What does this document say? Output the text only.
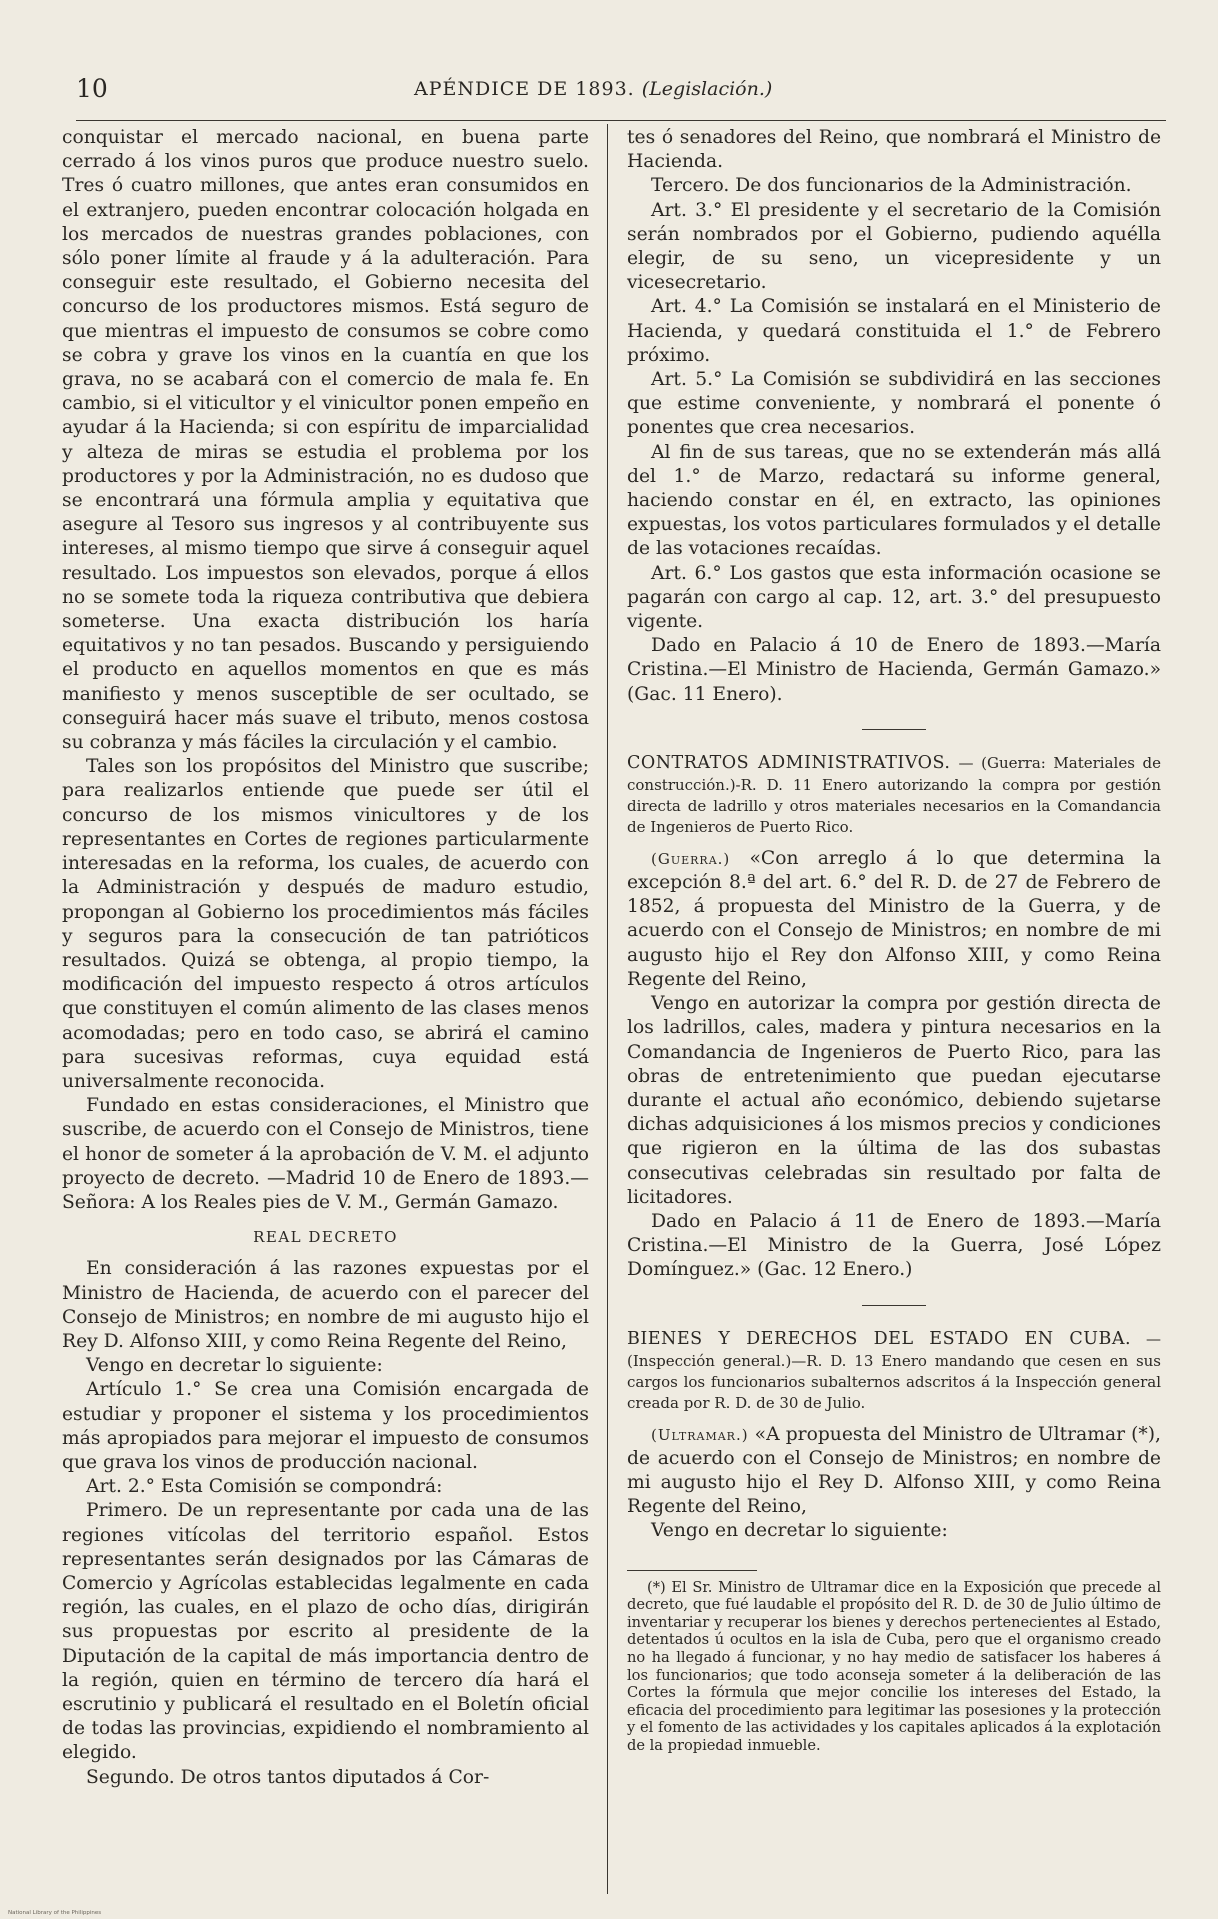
10	APÉNDICE DE 1893. (Legislación.)

conquistar el mercado nacional, en buena parte cerrado á los vinos puros que produce nuestro suelo. Tres ó cuatro millones, que antes eran consumidos en el extranjero, pueden encontrar colocación holgada en los mercados de nuestras grandes poblaciones, con sólo poner límite al fraude y á la adulteración. Para conseguir este resultado, el Gobierno necesita del concurso de los productores mismos. Está seguro de que mientras el impuesto de consumos se cobre como se cobra y grave los vinos en la cuantía en que los grava, no se acabará con el comercio de mala fe. En cambio, si el viticultor y el vinicultor ponen empeño en ayudar á la Hacienda; si con espíritu de imparcialidad y alteza de miras se estudia el problema por los productores y por la Administración, no es dudoso que se encontrará una fórmula amplia y equitativa que asegure al Tesoro sus ingresos y al contribuyente sus intereses, al mismo tiempo que sirve á conseguir aquel resultado. Los impuestos son elevados, porque á ellos no se somete toda la riqueza contributiva que debiera someterse. Una exacta distribución los haría equitativos y no tan pesados. Buscando y persiguiendo el producto en aquellos momentos en que es más manifiesto y menos susceptible de ser ocultado, se conseguirá hacer más suave el tributo, menos costosa su cobranza y más fáciles la circulación y el cambio.

Tales son los propósitos del Ministro que suscribe; para realizarlos entiende que puede ser útil el concurso de los mismos vinicultores y de los representantes en Cortes de regiones particularmente interesadas en la reforma, los cuales, de acuerdo con la Administración y después de maduro estudio, propongan al Gobierno los procedimientos más fáciles y seguros para la consecución de tan patrióticos resultados. Quizá se obtenga, al propio tiempo, la modificación del impuesto respecto á otros artículos que constituyen el común alimento de las clases menos acomodadas; pero en todo caso, se abrirá el camino para sucesivas reformas, cuya equidad está universalmente reconocida.

Fundado en estas consideraciones, el Ministro que suscribe, de acuerdo con el Consejo de Ministros, tiene el honor de someter á la aprobación de V. M. el adjunto proyecto de decreto. —Madrid 10 de Enero de 1893.—Señora: A los Reales pies de V. M., Germán Gamazo.

REAL DECRETO

En consideración á las razones expuestas por el Ministro de Hacienda, de acuerdo con el parecer del Consejo de Ministros; en nombre de mi augusto hijo el Rey D. Alfonso XIII, y como Reina Regente del Reino,

Vengo en decretar lo siguiente:

Artículo 1.° Se crea una Comisión encargada de estudiar y proponer el sistema y los procedimientos más apropiados para mejorar el impuesto de consumos que grava los vinos de producción nacional.

Art. 2.° Esta Comisión se compondrá:

Primero. De un representante por cada una de las regiones vitícolas del territorio español. Estos representantes serán designados por las Cámaras de Comercio y Agrícolas establecidas legalmente en cada región, las cuales, en el plazo de ocho días, dirigirán sus propuestas por escrito al presidente de la Diputación de la capital de más importancia dentro de la región, quien en término de tercero día hará el escrutinio y publicará el resultado en el Boletín oficial de todas las provincias, expidiendo el nombramiento al elegido.

Segundo. De otros tantos diputados á Cor-

tes ó senadores del Reino, que nombrará el Ministro de Hacienda.

Tercero. De dos funcionarios de la Administración.

Art. 3.° El presidente y el secretario de la Comisión serán nombrados por el Gobierno, pudiendo aquélla elegir, de su seno, un vicepresidente y un vicesecretario.

Art. 4.° La Comisión se instalará en el Ministerio de Hacienda, y quedará constituida el 1.° de Febrero próximo.

Art. 5.° La Comisión se subdividirá en las secciones que estime conveniente, y nombrará el ponente ó ponentes que crea necesarios.

Al fin de sus tareas, que no se extenderán más allá del 1.° de Marzo, redactará su informe general, haciendo constar en él, en extracto, las opiniones expuestas, los votos particulares formulados y el detalle de las votaciones recaídas.

Art. 6.° Los gastos que esta información ocasione se pagarán con cargo al cap. 12, art. 3.° del presupuesto vigente.

Dado en Palacio á 10 de Enero de 1893.—María Cristina.—El Ministro de Hacienda, Germán Gamazo.» (Gac. 11 Enero).

CONTRATOS ADMINISTRATIVOS. — (Guerra: Materiales de construcción.)-R. D. 11 Enero autorizando la compra por gestión directa de ladrillo y otros materiales necesarios en la Comandancia de Ingenieros de Puerto Rico.

(Guerra.) «Con arreglo á lo que determina la excepción 8.ª del art. 6.° del R. D. de 27 de Febrero de 1852, á propuesta del Ministro de la Guerra, y de acuerdo con el Consejo de Ministros; en nombre de mi augusto hijo el Rey don Alfonso XIII, y como Reina Regente del Reino,

Vengo en autorizar la compra por gestión directa de los ladrillos, cales, madera y pintura necesarios en la Comandancia de Ingenieros de Puerto Rico, para las obras de entretenimiento que puedan ejecutarse durante el actual año económico, debiendo sujetarse dichas adquisiciones á los mismos precios y condiciones que rigieron en la última de las dos subastas consecutivas celebradas sin resultado por falta de licitadores.

Dado en Palacio á 11 de Enero de 1893.—María Cristina.—El Ministro de la Guerra, José López Domínguez.» (Gac. 12 Enero.)

BIENES Y DERECHOS DEL ESTADO EN CUBA. —(Inspección general.)—R. D. 13 Enero mandando que cesen en sus cargos los funcionarios subalternos adscritos á la Inspección general creada por R. D. de 30 de Julio.

(Ultramar.) «A propuesta del Ministro de Ultramar (*), de acuerdo con el Consejo de Ministros; en nombre de mi augusto hijo el Rey D. Alfonso XIII, y como Reina Regente del Reino,

Vengo en decretar lo siguiente:

(*) El Sr. Ministro de Ultramar dice en la Exposición que precede al decreto, que fué laudable el propósito del R. D. de 30 de Julio último de inventariar y recuperar los bienes y derechos pertenecientes al Estado, detentados ú ocultos en la isla de Cuba, pero que el organismo creado no ha llegado á funcionar, y no hay medio de satisfacer los haberes á los funcionarios; que todo aconseja someter á la deliberación de las Cortes la fórmula que mejor concilie los intereses del Estado, la eficacia del procedimiento para legitimar las posesiones y la protección y el fomento de las actividades y los capitales aplicados á la explotación de la propiedad inmueble.

National Library of the Philippines
